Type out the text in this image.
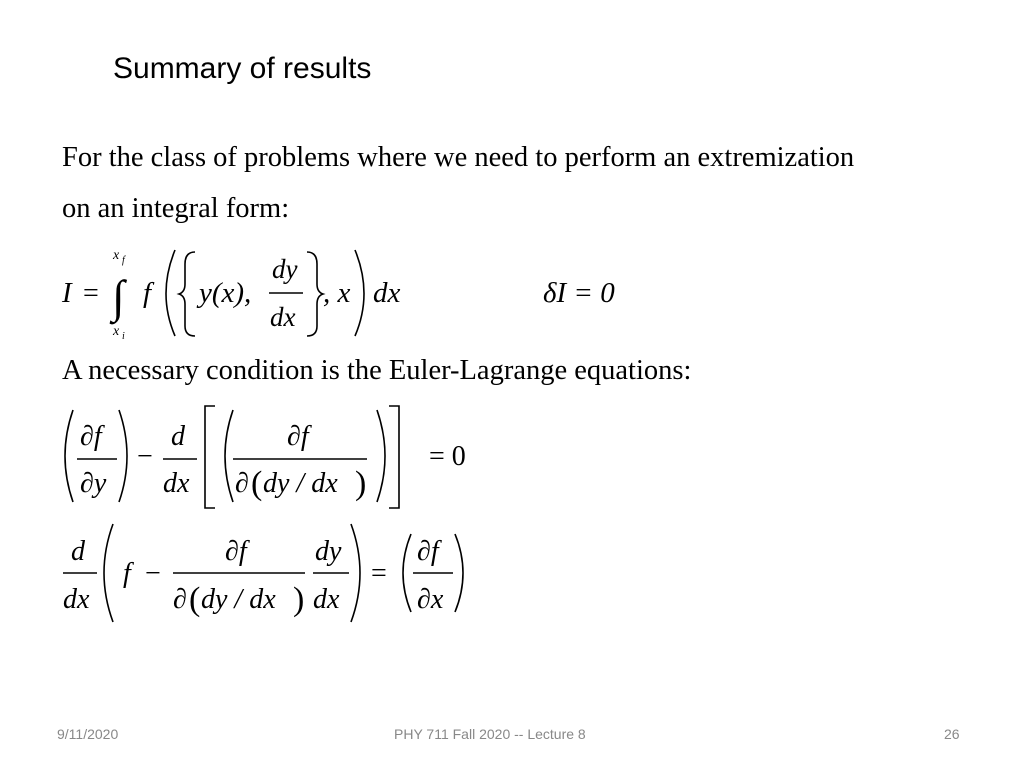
Summary of results
For the class of problems where we need to perform an extremization
on an integral form:
I = ∫
x f
x i
f y(x),
dy
dx
, x dx	δI = 0
A necessary condition is the Euler-Lagrange equations:
∂f
∂y
−
d
dx
∂f
∂ ( dy / dx )
= 0
d
dx
f −
∂f
∂ ( dy / dx )
dy
dx
=
∂f
∂x
9/11/2020	PHY 711 Fall 2020 -- Lecture 8	26
